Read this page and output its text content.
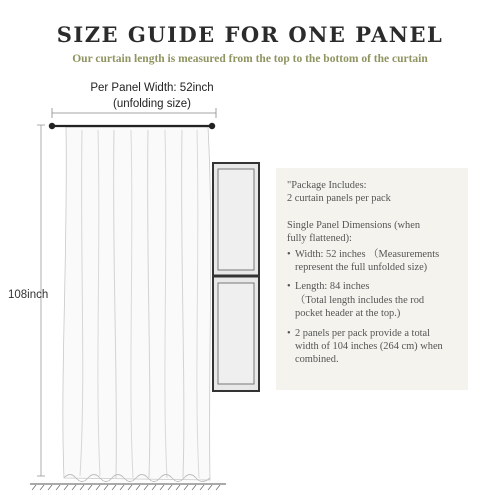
SIZE GUIDE FOR ONE PANEL
Our curtain length is measured from the top to the bottom of the curtain
Per Panel Width: 52inch
(unfolding size)
108inch

"Package Includes:

2 curtain panels per pack

Single Panel Dimensions (when

fully flattened):

• Width: 52 inches （Measurements
represent the full unfolded size)
• Length: 84 inches
（Total length includes the rod
pocket header at the top.)
• 2 panels per pack provide a total
width of 104 inches (264 cm) when
combined.
